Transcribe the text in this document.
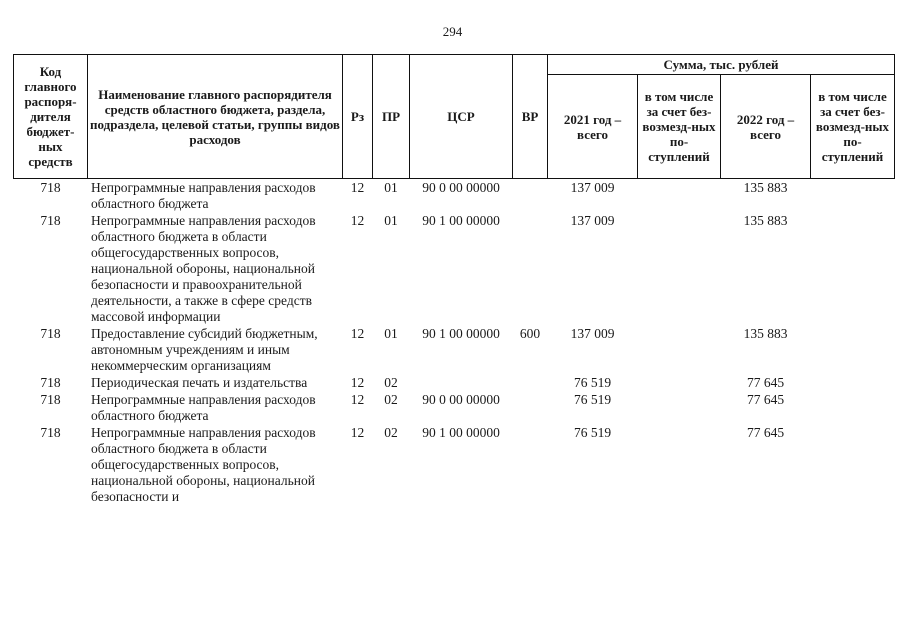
294
Код главного распоря-дителя бюджет-ных средств	Наименование главного распорядителя средств областного бюджета, раздела, подраздела, целевой статьи, группы видов расходов	Рз	ПР	ЦСР	ВР	Сумма, тыс. рублей			
						2021 год – всего	в том числе за счет без-возмезд-ных по-ступлений	2022 год – всего	в том числе за счет без-возмезд-ных по-ступлений
718	Непрограммные направления расходов областного бюджета	12	01	90 0 00 00000		137 009		135 883	
718	Непрограммные направления расходов областного бюджета в области общегосударственных вопросов, национальной обороны, национальной безопасности и правоохранительной деятельности, а также в сфере средств массовой информации	12	01	90 1 00 00000		137 009		135 883	
718	Предоставление субсидий бюджетным, автономным учреждениям и иным некоммерческим организациям	12	01	90 1 00 00000	600	137 009		135 883	
718	Периодическая печать и издательства	12	02			76 519		77 645	
718	Непрограммные направления расходов областного бюджета	12	02	90 0 00 00000		76 519		77 645	
718	Непрограммные направления расходов областного бюджета в области общегосударственных вопросов, национальной обороны, национальной безопасности и	12	02	90 1 00 00000		76 519		77 645	
